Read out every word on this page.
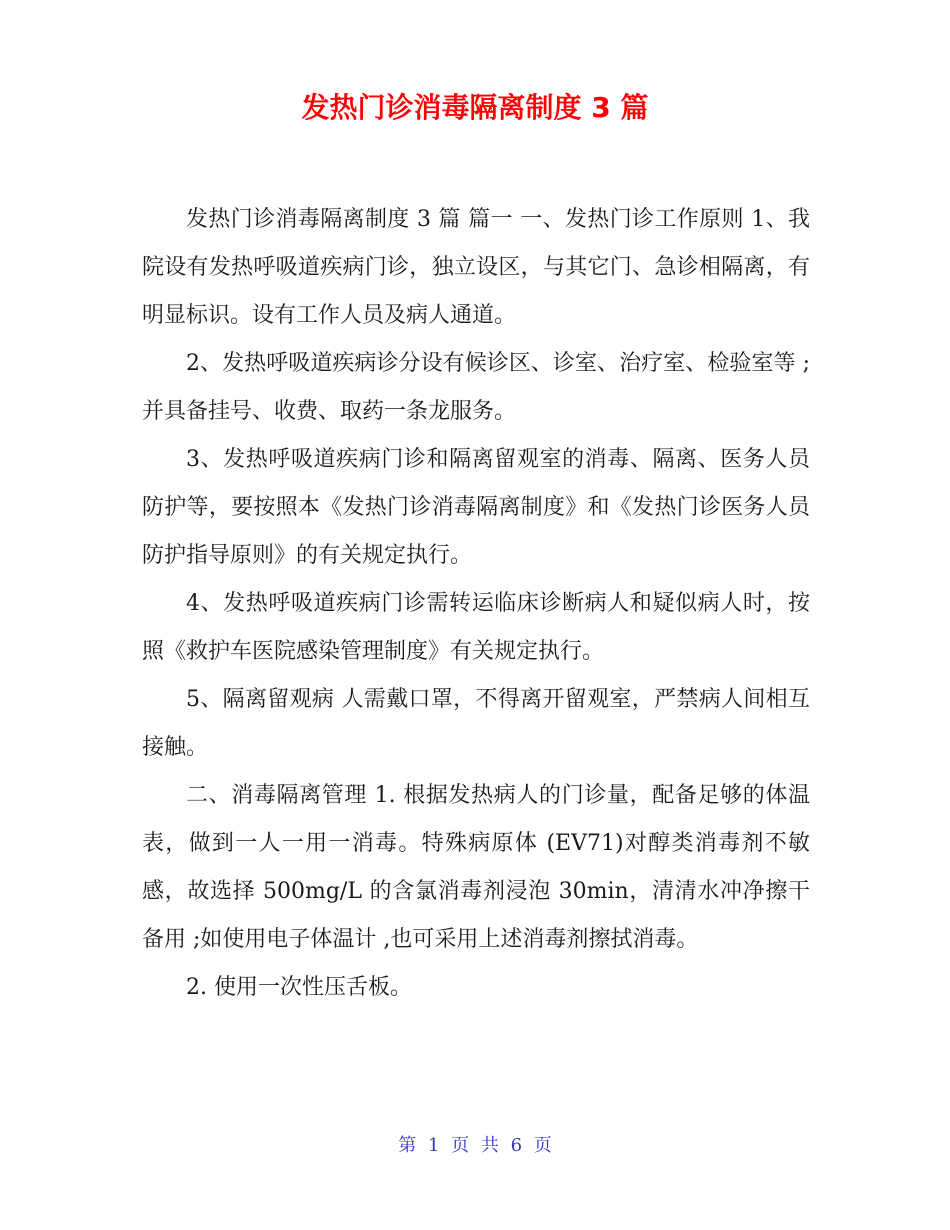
发热门诊消毒隔离制度 3 篇

发热门诊消毒隔离制度 3 篇 篇一 一、发热门诊工作原则 1、我院设有发热呼吸道疾病门诊，独立设区，与其它门、急诊相隔离，有明显标识。设有工作人员及病人通道。

2、发热呼吸道疾病诊分设有候诊区、诊室、治疗室、检验室等 ;并具备挂号、收费、取药一条龙服务。

3、发热呼吸道疾病门诊和隔离留观室的消毒、隔离、医务人员防护等，要按照本《发热门诊消毒隔离制度》和《发热门诊医务人员防护指导原则》的有关规定执行。

4、发热呼吸道疾病门诊需转运临床诊断病人和疑似病人时，按照《救护车医院感染管理制度》有关规定执行。

5、隔离留观病 人需戴口罩，不得离开留观室，严禁病人间相互接触。

二、消毒隔离管理 1. 根据发热病人的门诊量，配备足够的体温表，做到一人一用一消毒。特殊病原体 (EV71)对醇类消毒剂不敏感，故选择 500mg/L 的含氯消毒剂浸泡 30min，清清水冲净擦干备用 ;如使用电子体温计 ,也可采用上述消毒剂擦拭消毒。

2. 使用一次性压舌板。

第 1 页 共 6 页
